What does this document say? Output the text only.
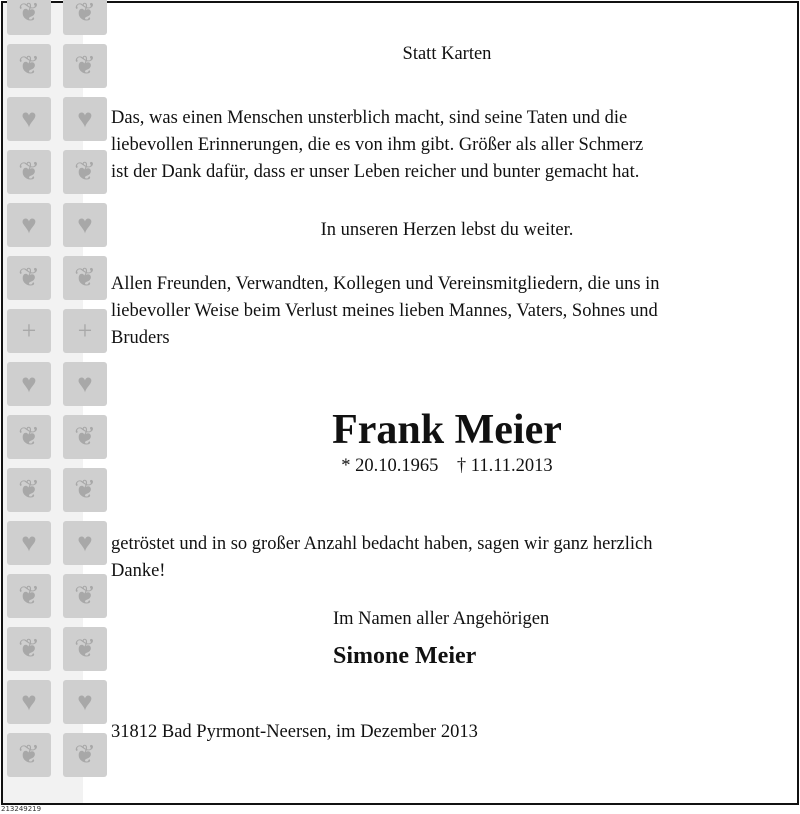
❦	❦
❦	❦
♥	♥
❦	❦
♥	♥
❦	❦
+	+
♥	♥
❦	❦
❦	❦
♥	♥
❦	❦
❦	❦
♥	♥
❦	❦
Statt Karten
Das, was einen Menschen unsterblich macht, sind seine Taten und die
liebevollen Erinnerungen, die es von ihm gibt. Größer als aller Schmerz
ist der Dank dafür, dass er unser Leben reicher und bunter gemacht hat.
In unseren Herzen lebst du weiter.
Allen Freunden, Verwandten, Kollegen und Vereinsmitgliedern, die uns in
liebevoller Weise beim Verlust meines lieben Mannes, Vaters, Sohnes und
Bruders
Frank Meier
* 20.10.1965    † 11.11.2013
getröstet und in so großer Anzahl bedacht haben, sagen wir ganz herzlich
Danke!
Im Namen aller Angehörigen
Simone Meier
31812 Bad Pyrmont-Neersen, im Dezember 2013
213249219
